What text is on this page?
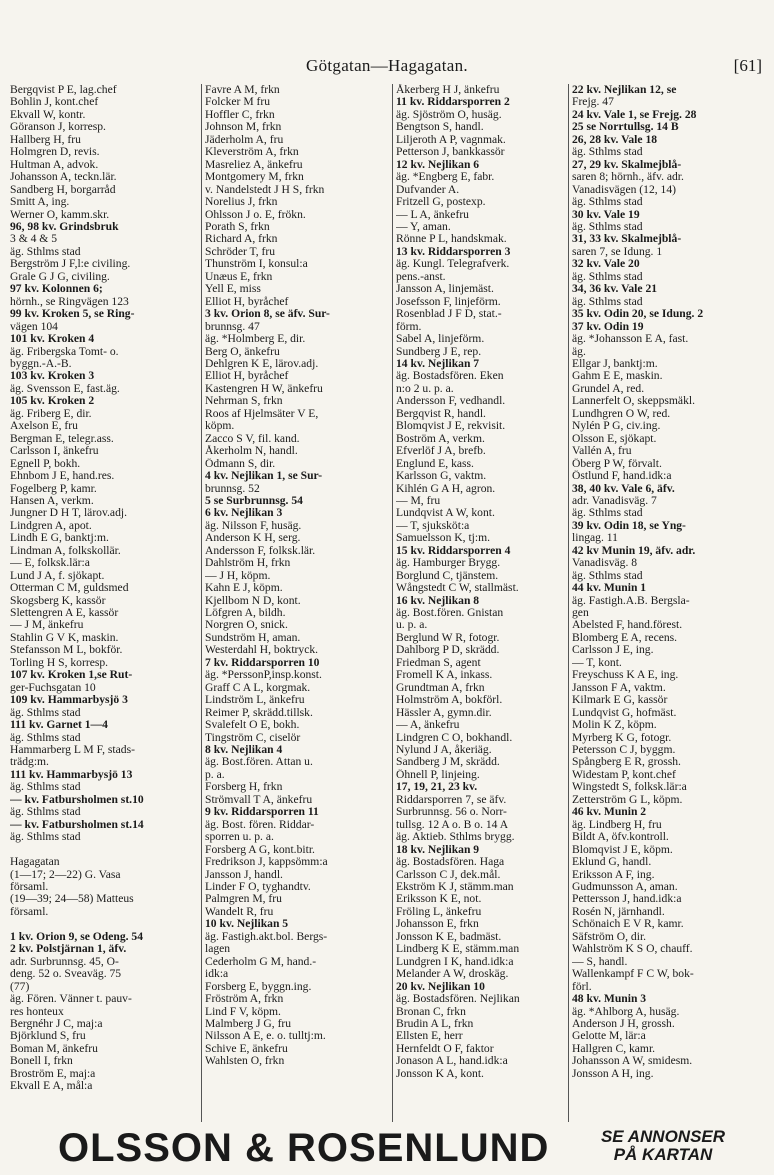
Götgatan—Hagagatan.	[61]
Bergqvist P E, lag.chef
Bohlin J, kont.chef
Ekvall W, kontr.
Göranson J, korresp.
Hallberg H, fru
Holmgren D, revis.
Hultman A, advok.
Johansson A, teckn.lär.
Sandberg H, borgarråd
Smitt A, ing.
Werner O, kamm.skr.
96, 98 kv. Grindsbruk
3 & 4 & 5
äg. Sthlms stad
Bergström J F,l:e civiling.
Grale G J G, civiling.
97 kv. Kolonnen 6;
hörnh., se Ringvägen 123
99 kv. Kroken 5, se Ring-
vägen 104
101 kv. Kroken 4
äg. Fribergska Tomt- o.
byggn.-A.-B.
103 kv. Kroken 3
äg. Svensson E, fast.äg.
105 kv. Kroken 2
äg. Friberg E, dir.
Axelson E, fru
Bergman E, telegr.ass.
Carlsson I, änkefru
Egnell P, bokh.
Ehnbom J E, hand.res.
Fogelberg P, kamr.
Hansen A, verkm.
Jungner D H T, lärov.adj.
Lindgren A, apot.
Lindh E G, banktj:m.
Lindman A, folkskollär.
— E, folksk.lär:a
Lund J A, f. sjökapt.
Otterman C M, guldsmed
Skogsberg K, kassör
Slettengren A E, kassör
— J M, änkefru
Stahlin G V K, maskin.
Stefansson M L, bokför.
Torling H S, korresp.
107 kv. Kroken 1,se Rut-
ger-Fuchsgatan 10
109 kv. Hammarbysjö 3
äg. Sthlms stad
111 kv. Garnet 1—4
äg. Sthlms stad
Hammarberg L M F, stads-
trädg:m.
111 kv. Hammarbysjö 13
äg. Sthlms stad
— kv. Fatbursholmen st.10
äg. Sthlms stad
— kv. Fatbursholmen st.14
äg. Sthlms stad

Hagagatan
(1—17; 2—22) G. Vasa
församl.
(19—39; 24—58) Matteus
församl.

1 kv. Orion 9, se Odeng. 54
2 kv. Polstjärnan 1, äfv.
adr. Surbrunnsg. 45, O-
deng. 52 o. Sveaväg. 75
(77)
äg. Fören. Vänner t. pauv-
res honteux
Bergnéhr J C, maj:a
Björklund S, fru
Boman M, änkefru
Bonell I, frkn
Broström E, maj:a
Ekvall E A, mål:a
Favre A M, frkn
Folcker M fru
Hoffler C, frkn
Johnson M, frkn
Jäderholm A, fru
Kleverström A, frkn
Masreliez A, änkefru
Montgomery M, frkn
v. Nandelstedt J H S, frkn
Norelius J, frkn
Ohlsson J o. E, frökn.
Porath S, frkn
Richard A, frkn
Schröder T, fru
Thunström I, konsul:a
Unæus E, frkn
Yell E, miss
Elliot H, byråchef
3 kv. Orion 8, se äfv. Sur-
brunnsg. 47
äg. *Holmberg E, dir.
Berg O, änkefru
Dehlgren K E, lärov.adj.
Elliot H, byråchef
Kastengren H W, änkefru
Nehrman S, frkn
Roos af Hjelmsäter V E,
köpm.
Zacco S V, fil. kand.
Åkerholm N, handl.
Ödmann S, dir.
4 kv. Nejlikan 1, se Sur-
brunnsg. 52
5 se Surbrunnsg. 54
6 kv. Nejlikan 3
äg. Nilsson F, husäg.
Anderson K H, serg.
Andersson F, folksk.lär.
Dahlström H, frkn
— J H, köpm.
Kahn E J, köpm.
Kjellbom N D, kont.
Löfgren A, bildh.
Norgren O, snick.
Sundström H, aman.
Westerdahl H, boktryck.
7 kv. Riddarsporren 10
äg. *PerssonP,insp.konst.
Graff C A L, korgmak.
Lindström L, änkefru
Reimer P, skrädd.tillsk.
Svalefelt O E, bokh.
Tingström C, ciselör
8 kv. Nejlikan 4
äg. Bost.fören. Attan u.
p. a.
Forsberg H, frkn
Strömvall T A, änkefru
9 kv. Riddarsporren 11
äg. Bost. fören. Riddar-
sporren u. p. a.
Forsberg A G, kont.bitr.
Fredrikson J, kappsömm:a
Jansson J, handl.
Linder F O, tyghandtv.
Palmgren M, fru
Wandelt R, fru
10 kv. Nejlikan 5
äg. Fastigh.akt.bol. Bergs-
lagen
Cederholm G M, hand.-
idk:a
Forsberg E, byggn.ing.
Fröström A, frkn
Lind F V, köpm.
Malmberg J G, fru
Nilsson A E, e. o. tulltj:m.
Schive E, änkefru
Wahlsten O, frkn
Åkerberg H J, änkefru
11 kv. Riddarsporren 2
äg. Sjöström O, husäg.
Bengtson S, handl.
Liljeroth A P, vagnmak.
Petterson J, bankkassör
12 kv. Nejlikan 6
äg. *Engberg E, fabr.
Dufvander A.
Fritzell G, postexp.
— L A, änkefru
— Y, aman.
Rönne P L, handskmak.
13 kv. Riddarsporren 3
äg. Kungl. Telegrafverk.
pens.-anst.
Jansson A, linjemäst.
Josefsson F, linjeförm.
Rosenblad J F D, stat.-
förm.
Sabel A, linjeförm.
Sundberg J E, rep.
14 kv. Nejlikan 7
äg. Bostadsfören. Eken
n:o 2 u. p. a.
Andersson F, vedhandl.
Bergqvist R, handl.
Blomqvist J E, rekvisit.
Boström A, verkm.
Efverlöf J A, brefb.
Englund E, kass.
Karlsson G, vaktm.
Kihlén G A H, agron.
— M, fru
Lundqvist A W, kont.
— T, sjuksköt:a
Samuelsson K, tj:m.
15 kv. Riddarsporren 4
äg. Hamburger Brygg.
Borglund C, tjänstem.
Wångstedt C W, stallmäst.
16 kv. Nejlikan 8
äg. Bost.fören. Gnistan
u. p. a.
Berglund W R, fotogr.
Dahlborg P D, skrädd.
Friedman S, agent
Fromell K A, inkass.
Grundtman A, frkn
Holmström A, bokförl.
Hässler A, gymn.dir.
— A, änkefru
Lindgren C O, bokhandl.
Nylund J A, åkeriäg.
Sandberg J M, skrädd.
Öhnell P, linjeing.
17, 19, 21, 23 kv.
Riddarsporren 7, se äfv.
Surbrunnsg. 56 o. Norr-
tullsg. 12 A o. B o. 14 A
äg. Aktieb. Sthlms brygg.
18 kv. Nejlikan 9
äg. Bostadsfören. Haga
Carlsson C J, dek.mål.
Ekström K J, stämm.man
Eriksson K E, not.
Fröling L, änkefru
Johansson E, frkn
Jonsson K E, badmäst.
Lindberg K E, stämm.man
Lundgren I K, hand.idk:a
Melander A W, droskäg.
20 kv. Nejlikan 10
äg. Bostadsfören. Nejlikan
Bronan C, frkn
Brudin A L, frkn
Ellsten E, herr
Hernfeldt O F, faktor
Jonason A L, hand.idk:a
Jonsson K A, kont.
22 kv. Nejlikan 12, se
Frejg. 47
24 kv. Vale 1, se Frejg. 28
25 se Norrtullsg. 14 B
26, 28 kv. Vale 18
äg. Sthlms stad
27, 29 kv. Skalmejblå-
saren 8; hörnh., äfv. adr.
Vanadisvägen (12, 14)
äg. Sthlms stad
30 kv. Vale 19
äg. Sthlms stad
31, 33 kv. Skalmejblå-
saren 7, se Idung. 1
32 kv. Vale 20
äg. Sthlms stad
34, 36 kv. Vale 21
äg. Sthlms stad
35 kv. Odin 20, se Idung. 2
37 kv. Odin 19
äg. *Johansson E A, fast.
äg.
Ellgar J, banktj:m.
Gahm E E, maskin.
Grundel A, red.
Lannerfelt O, skeppsmäkl.
Lundhgren O W, red.
Nylén P G, civ.ing.
Olsson E, sjökapt.
Vallén A, fru
Öberg P W, förvalt.
Östlund F, hand.idk:a
38, 40 kv. Vale 6, äfv.
adr. Vanadisväg. 7
äg. Sthlms stad
39 kv. Odin 18, se Yng-
lingag. 11
42 kv Munin 19, äfv. adr.
Vanadisväg. 8
äg. Sthlms stad
44 kv. Munin 1
äg. Fastigh.A.B. Bergsla-
gen
Abelsted F, hand.förest.
Blomberg E A, recens.
Carlsson J E, ing.
— T, kont.
Freyschuss K A E, ing.
Jansson F A, vaktm.
Kilmark E G, kassör
Lundqvist G, hofmäst.
Molin K Z, köpm.
Myrberg K G, fotogr.
Petersson C J, byggm.
Spångberg E R, grossh.
Widestam P, kont.chef
Wingstedt S, folksk.lär:a
Zetterström G L, köpm.
46 kv. Munin 2
äg. Lindberg H, fru
Bildt A, öfv.kontroll.
Blomqvist J E, köpm.
Eklund G, handl.
Eriksson A F, ing.
Gudmunsson A, aman.
Pettersson J, hand.idk:a
Rosén N, järnhandl.
Schönaich E V R, kamr.
Säfström O, dir.
Wahlström K S O, chauff.
— S, handl.
Wallenkampf F C W, bok-
förl.
48 kv. Munin 3
äg. *Ahlborg A, husäg.
Anderson J H, grossh.
Gelotte M, lär:a
Hallgren C, kamr.
Johansson A W, smidesm.
Jonsson A H, ing.
OLSSON & ROSENLUND	SE ANNONSER
PÅ KARTAN
